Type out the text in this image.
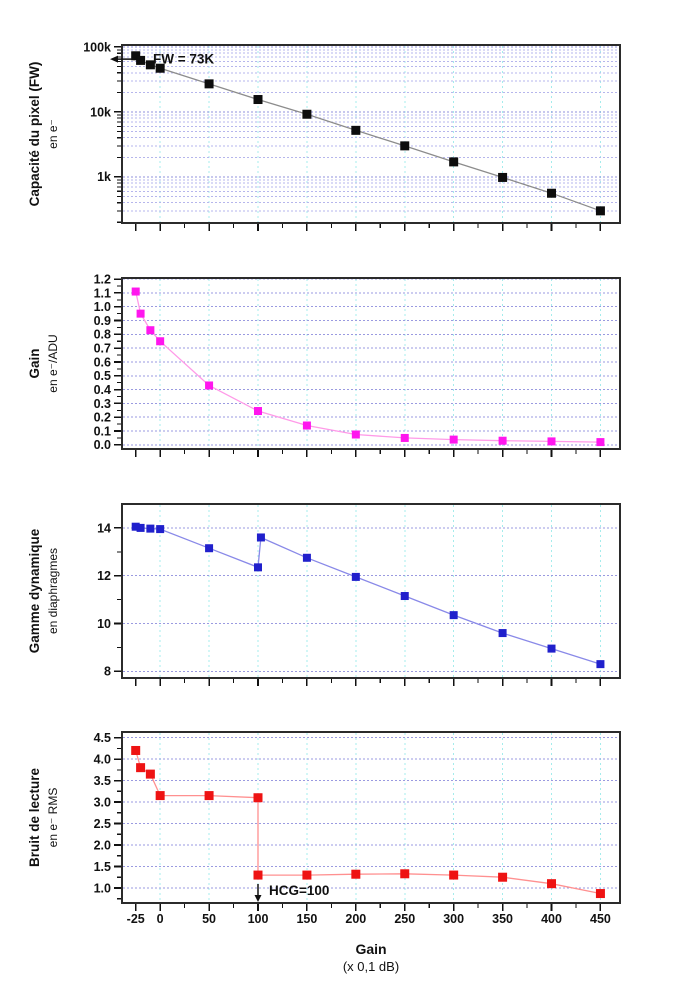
100k
10k
1k
Capacité du pixel (FW) en e⁻
FW = 73K
1.2
1.1
1.0
0.9
0.8
0.7
0.6
0.5
0.4
0.3
0.2
0.1
0.0
Gain en e⁻/ADU
14
12
10
8
Gamme dynamique en diaphragmes
4.5
4.0
3.5
3.0
2.5
2.0
1.5
1.0
Bruit de lecture en e⁻ RMS
HCG=100
-25 0	50	100 150 200 250 300 350 400 450
Gain
(x 0,1 dB)
